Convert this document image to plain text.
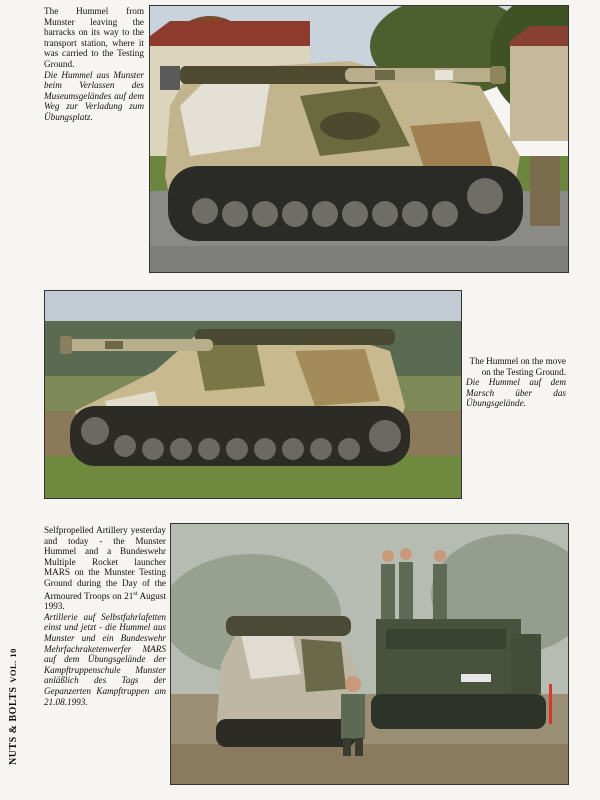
The Hummel from Munster leaving the barracks on its way to the transport station, where it was carried to the Testing Ground.
Die Hummel aus Munster beim Verlassen des Museumsgeländes auf dem Weg zur Verladung zum Übungsplatz.

The Hummel on the move on the Testing Ground.
Die Hummel auf dem Marsch über das Übungsgelände.

Selfpropelled Artillery yesterday and today - the Munster Hummel and a Bundeswehr Multiple Rocket launcher MARS on the Munster Testing Ground during the Day of the Armoured Troops on 21st August 1993.
Artillerie auf Selbstfahrlafetten einst und jetzt - die Hummel aus Munster und ein Bundeswehr Mehrfachraketenwerfer MARS auf dem Übungsgelände der Kampftruppenschule Munster anläßlich des Tags der Gepanzerten Kampftruppen am 21.08.1993.

NUTS & BOLTSVOL. 10
